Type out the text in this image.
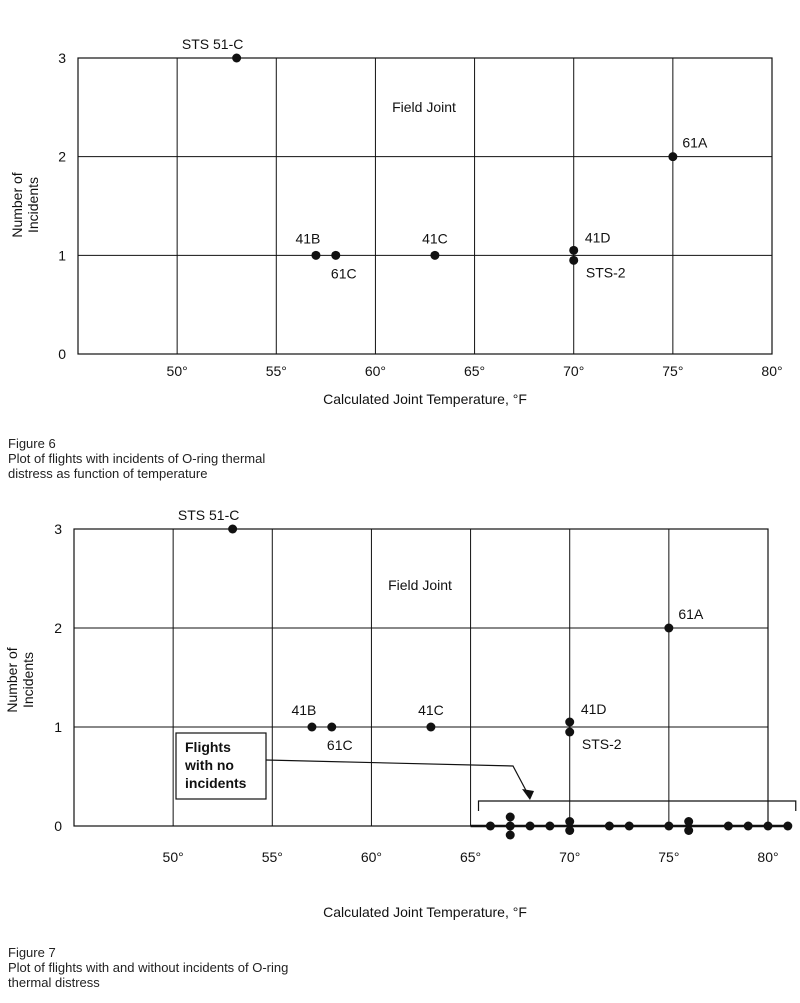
50°	55°	60°	65°	70°	75°	80°
0
1
2
3
Field Joint
Calculated Joint Temperature, °F
Number ofIncidents
STS 51-C
61A
41B
61C
41C	41D
STS-2
50°	55°	60°	65°	70°	75°	80°
0
1
2
3
Field Joint
Calculated Joint Temperature, °F
Number ofIncidents
STS 51-C
61A
41B
61C
41C	41D
STS-2
Flights
with no
incidents
Figure 6
Plot of flights with incidents of O-ring thermal
distress as function of temperature
Figure 7
Plot of flights with and without incidents of O-ring
thermal distress
